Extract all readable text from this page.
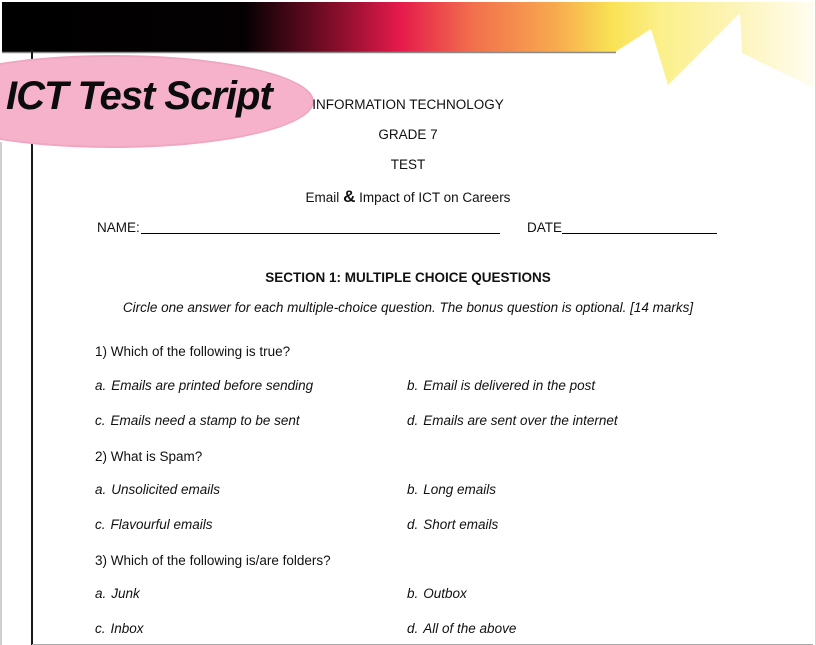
ICT Test Script	INFORMATION TECHNOLOGY
GRADE 7
TEST
Email & Impact of ICT on Careers
NAME:	DATE
SECTION 1: MULTIPLE CHOICE QUESTIONS
Circle one answer for each multiple-choice question. The bonus question is optional. [14 marks]
1) Which of the following is true?
a. Emails are printed before sending	b. Email is delivered in the post
c. Emails need a stamp to be sent	d. Emails are sent over the internet
2) What is Spam?
a. Unsolicited emails	b. Long emails
c. Flavourful emails	d. Short emails
3) Which of the following is/are folders?
a. Junk	b. Outbox
c. Inbox	d. All of the above
